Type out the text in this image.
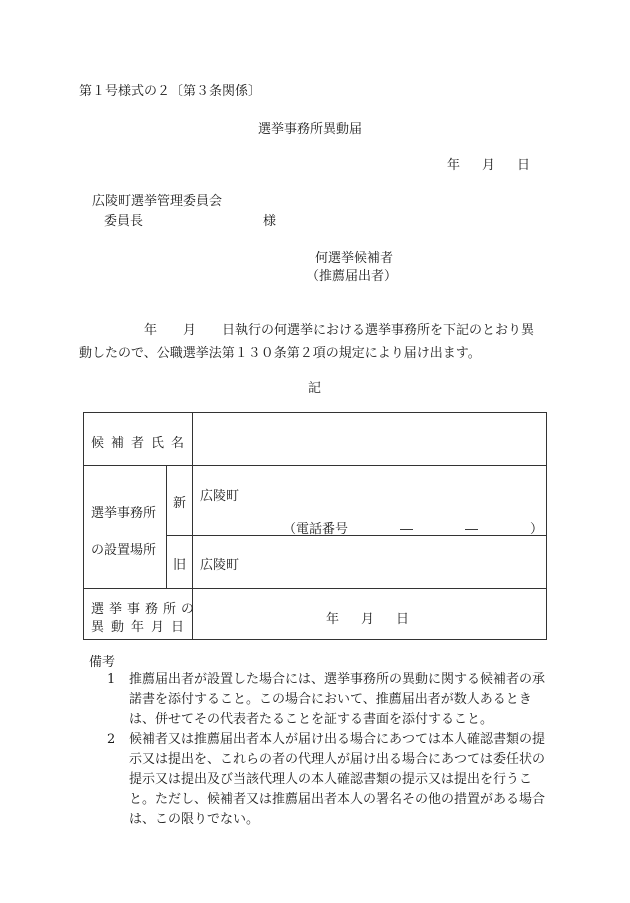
第１号様式の２〔第３条関係〕
選挙事務所異動届
年 月 日
広陵町選挙管理委員会
委員長	様
何選挙候補者
（推薦届出者）

　　　　　年　　月　　日執行の何選挙における選挙事務所を下記のとおり異

動したので、公職選挙法第１３０条第２項の規定により届け出ます。

記
候補者氏名
選挙事務所
の設置場所
新 広陵町
（電話番号　　　　―　　　　―　　　　）
旧 広陵町
選挙事務所の
異動年月日
年 月 日
備考
1 推薦届出者が設置した場合には、選挙事務所の異動に関する候補者の承諾書を添付すること。この場合において、推薦届出者が数人あるときは、併せてその代表者たることを証する書面を添付すること。
2 候補者又は推薦届出者本人が届け出る場合にあつては本人確認書類の提示又は提出を、これらの者の代理人が届け出る場合にあつては委任状の提示又は提出及び当該代理人の本人確認書類の提示又は提出を行うこと。ただし、候補者又は推薦届出者本人の署名その他の措置がある場合は、この限りでない。
